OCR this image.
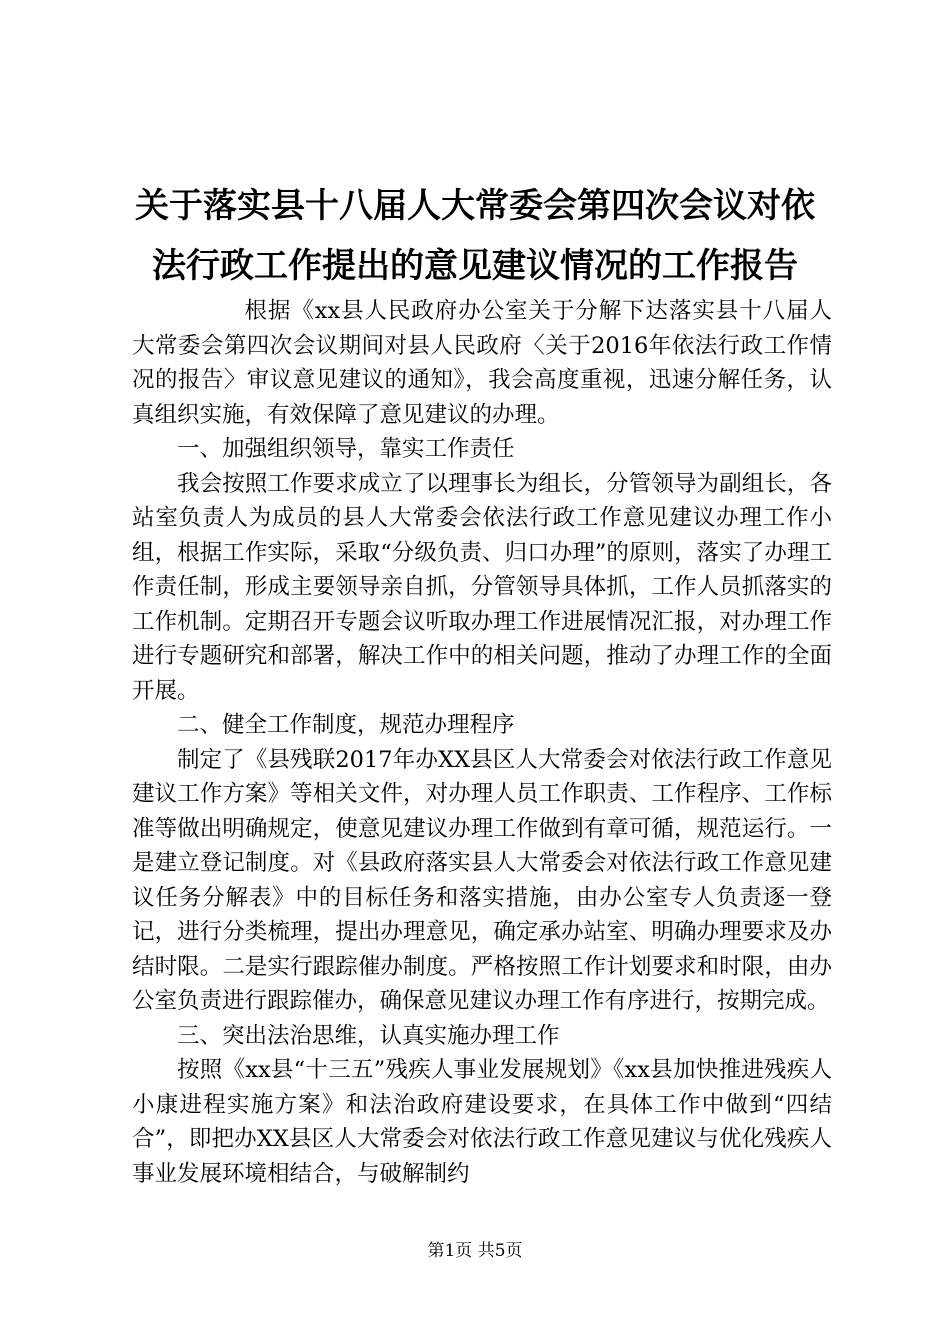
关于落实县十八届人大常委会第四次会议对依
法行政工作提出的意见建议情况的工作报告

根据《xx县人民政府办公室关于分解下达落实县十八届人大常委会第四次会议期间对县人民政府〈关于2016年依法行政工作情况的报告〉审议意见建议的通知》，我会高度重视，迅速分解任务，认真组织实施，有效保障了意见建议的办理。

一、加强组织领导，靠实工作责任

我会按照工作要求成立了以理事长为组长，分管领导为副组长，各站室负责人为成员的县人大常委会依法行政工作意见建议办理工作小组，根据工作实际，采取“分级负责、归口办理”的原则，落实了办理工作责任制，形成主要领导亲自抓，分管领导具体抓，工作人员抓落实的工作机制。定期召开专题会议听取办理工作进展情况汇报，对办理工作进行专题研究和部署，解决工作中的相关问题，推动了办理工作的全面开展。

二、健全工作制度，规范办理程序

制定了《县残联2017年办XX县区人大常委会对依法行政工作意见建议工作方案》等相关文件，对办理人员工作职责、工作程序、工作标准等做出明确规定，使意见建议办理工作做到有章可循，规范运行。一是建立登记制度。对《县政府落实县人大常委会对依法行政工作意见建议任务分解表》中的目标任务和落实措施，由办公室专人负责逐一登记，进行分类梳理，提出办理意见，确定承办站室、明确办理要求及办结时限。二是实行跟踪催办制度。严格按照工作计划要求和时限，由办公室负责进行跟踪催办，确保意见建议办理工作有序进行，按期完成。

三、突出法治思维，认真实施办理工作

按照《xx县“十三五”残疾人事业发展规划》《xx县加快推进残疾人小康进程实施方案》和法治政府建设要求，在具体工作中做到“四结合”，即把办XX县区人大常委会对依法行政工作意见建议与优化残疾人事业发展环境相结合，与破解制约

第1页 共5页
